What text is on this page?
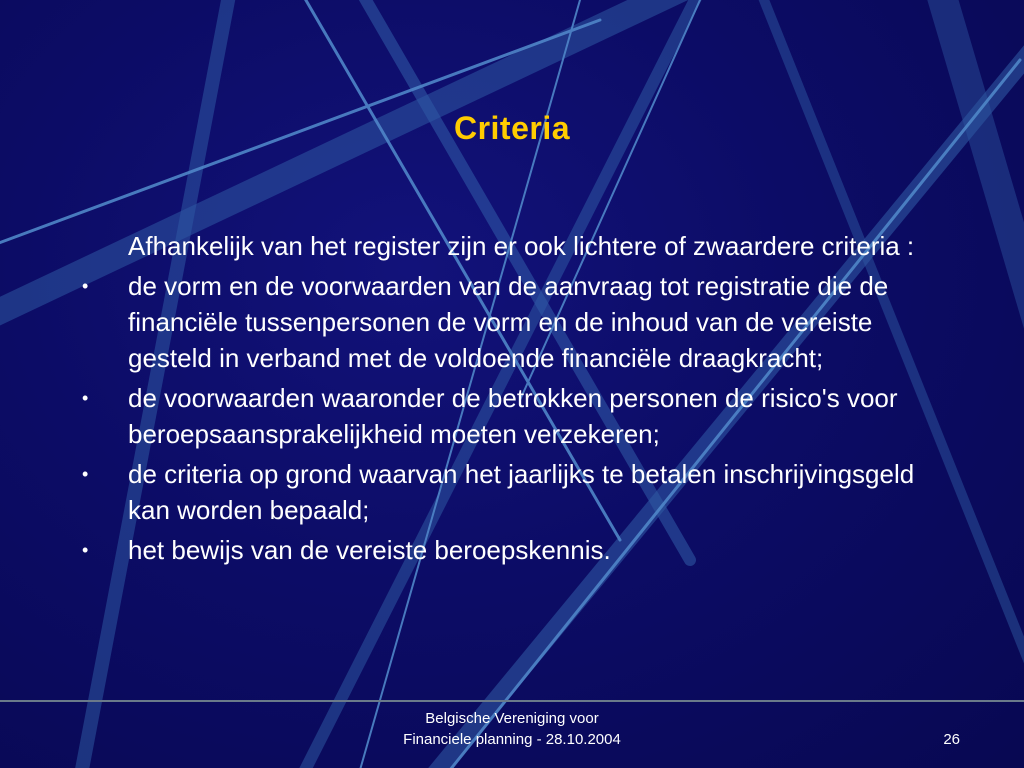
Criteria
Afhankelijk van het register zijn er ook lichtere of zwaardere criteria :
•	de vorm en de voorwaarden van de aanvraag tot registratie die de financiële tussenpersonen de vorm en de inhoud van de vereiste gesteld in verband met de voldoende financiële draagkracht;
•	de voorwaarden waaronder de betrokken personen de risico's voor beroepsaansprakelijkheid moeten verzekeren;
•	de criteria op grond waarvan het jaarlijks te betalen inschrijvingsgeld kan worden bepaald;
•	het bewijs van de vereiste beroepskennis.
Belgische Vereniging voor
Financiele planning - 28.10.2004	26
